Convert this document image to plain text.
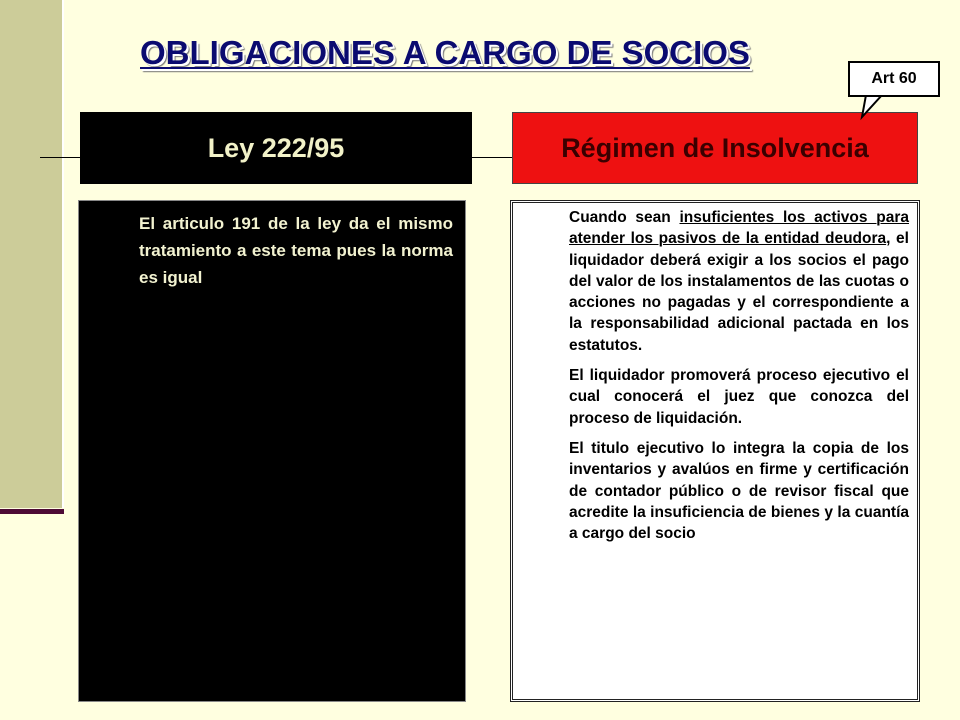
OBLIGACIONES A CARGO DE SOCIOS
Ley 222/95	Régimen de Insolvencia
Art 60

El articulo 191 de la ley da el mismo tratamiento a este tema pues la norma es igual

Cuando sean insuficientes los activos para atender los pasivos de la entidad deudora, el liquidador deberá exigir a los socios el pago del valor de los instalamentos de las cuotas o acciones no pagadas y el correspondiente a la responsabilidad adicional pactada en los estatutos.

El liquidador promoverá proceso ejecutivo el cual conocerá el juez que conozca del proceso de liquidación.

El titulo ejecutivo lo integra la copia de los inventarios y avalúos en firme y certificación de contador público o de revisor fiscal que acredite la insuficiencia de bienes y la cuantía a cargo del socio
